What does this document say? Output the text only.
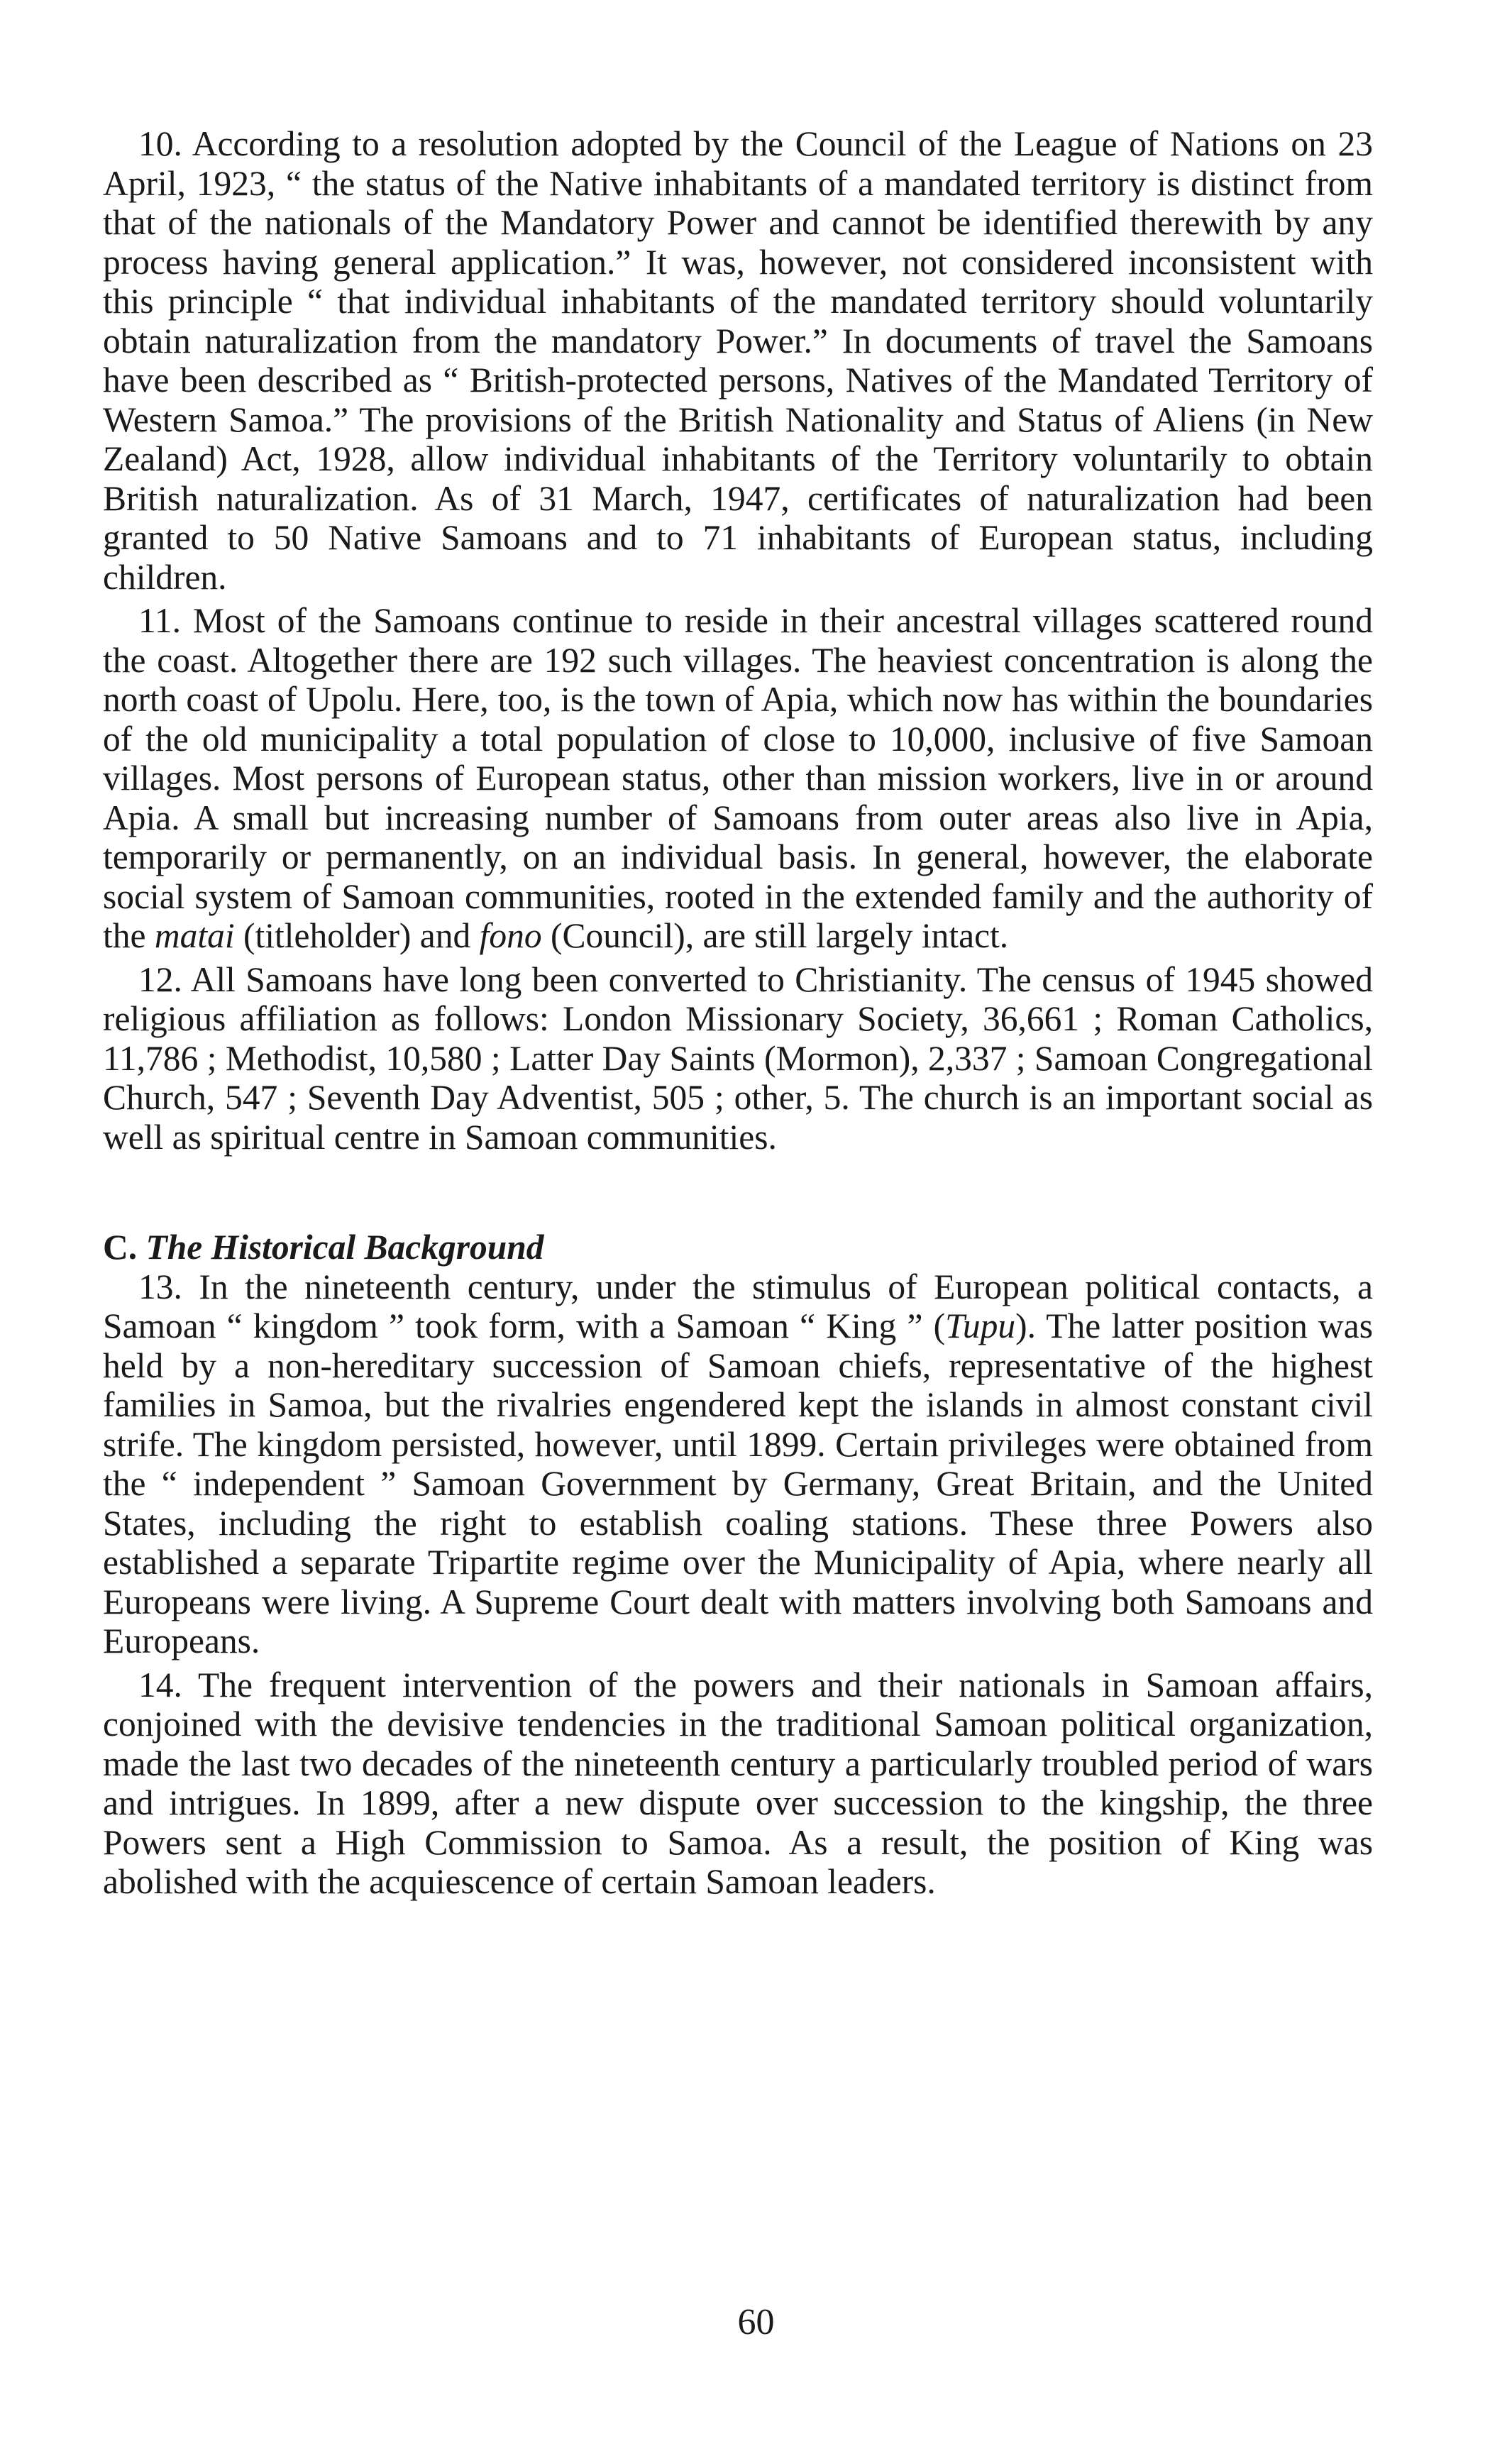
10. According to a resolution adopted by the Council of the League of Nations on 23 April, 1923, “ the status of the Native inhabitants of a mandated territory is distinct from that of the nationals of the Mandatory Power and cannot be identified therewith by any process having general application.” It was, however, not considered inconsistent with this principle “ that individual inhabitants of the mandated territory should voluntarily obtain naturalization from the mandatory Power.” In documents of travel the Samoans have been described as “ British-protected persons, Natives of the Mandated Territory of Western Samoa.” The provisions of the British Nationality and Status of Aliens (in New Zealand) Act, 1928, allow individual inhabitants of the Territory voluntarily to obtain British naturalization. As of 31 March, 1947, certificates of naturalization had been granted to 50 Native Samoans and to 71 inhabitants of European status, including children.

11. Most of the Samoans continue to reside in their ancestral villages scattered round the coast. Altogether there are 192 such villages. The heaviest concentration is along the north coast of Upolu. Here, too, is the town of Apia, which now has within the boundaries of the old municipality a total population of close to 10,000, inclusive of five Samoan villages. Most persons of European status, other than mission workers, live in or around Apia. A small but increasing number of Samoans from outer areas also live in Apia, temporarily or permanently, on an individual basis. In general, however, the elaborate social system of Samoan communities, rooted in the extended family and the authority of the matai (titleholder) and fono (Council), are still largely intact.

12. All Samoans have long been converted to Christianity. The census of 1945 showed religious affiliation as follows: London Missionary Society, 36,661 ; Roman Catholics, 11,786 ; Methodist, 10,580 ; Latter Day Saints (Mormon), 2,337 ; Samoan Congregational Church, 547 ; Seventh Day Adventist, 505 ; other, 5. The church is an important social as well as spiritual centre in Samoan communities.

C. The Historical Background

13. In the nineteenth century, under the stimulus of European political contacts, a Samoan “ kingdom ” took form, with a Samoan “ King ” (Tupu). The latter position was held by a non-hereditary succession of Samoan chiefs, representative of the highest families in Samoa, but the rivalries engendered kept the islands in almost constant civil strife. The kingdom persisted, however, until 1899. Certain privileges were obtained from the “ independent ” Samoan Government by Germany, Great Britain, and the United States, including the right to establish coaling stations. These three Powers also established a separate Tripartite regime over the Municipality of Apia, where nearly all Europeans were living. A Supreme Court dealt with matters involving both Samoans and Europeans.

14. The frequent intervention of the powers and their nationals in Samoan affairs, conjoined with the devisive tendencies in the traditional Samoan political organization, made the last two decades of the nineteenth century a particularly troubled period of wars and intrigues. In 1899, after a new dispute over succession to the kingship, the three Powers sent a High Commission to Samoa. As a result, the position of King was abolished with the acquiescence of certain Samoan leaders.

60
